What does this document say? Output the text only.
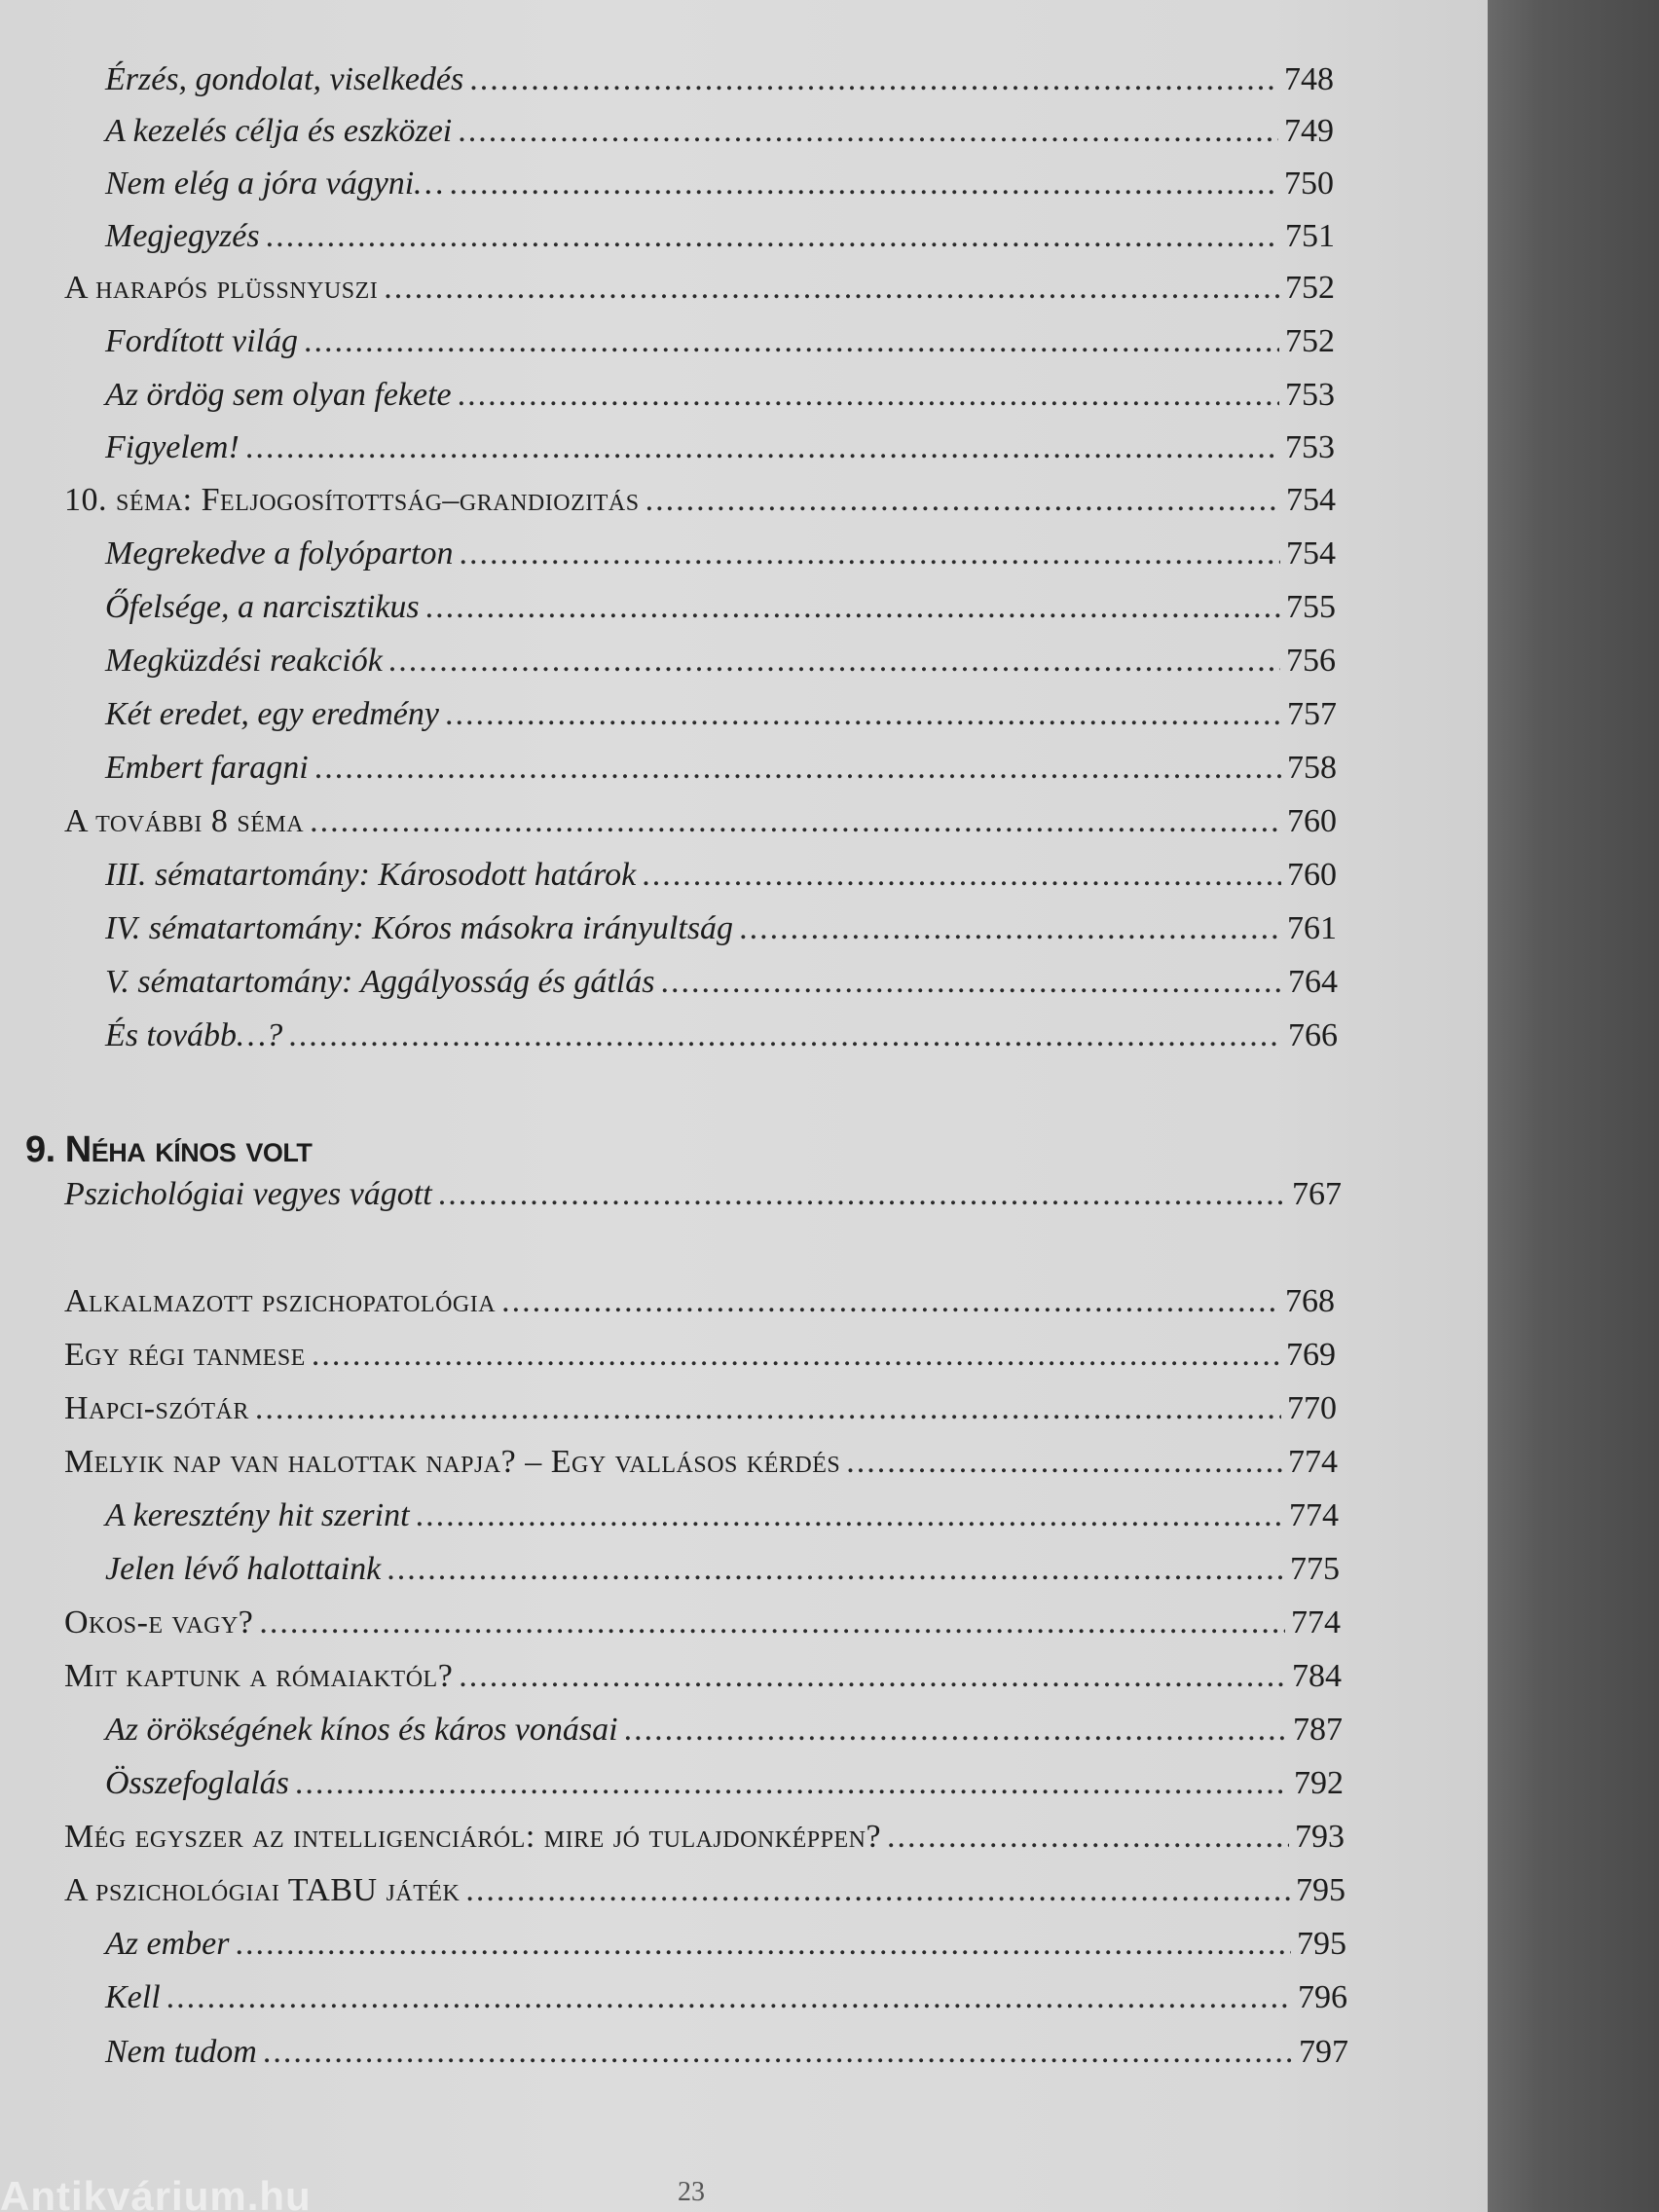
Érzés, gondolat, viselkedés .....	748
A kezelés célja és eszközei .....	749
Nem elég a jóra vágyni… .....	750
Megjegyzés .....	751
A harapós plüssnyuszi .....	752
Fordított világ .....	752
Az ördög sem olyan fekete .....	753
Figyelem! .....	753
10. séma: Feljogosítottság–grandiozitás .....	754
Megrekedve a folyóparton .....	754
Őfelsége, a narcisztikus .....	755
Megküzdési reakciók .....	756
Két eredet, egy eredmény .....	757
Embert faragni .....	758
A további 8 séma .....	760
III. sématartomány: Károsodott határok .....	760
IV. sématartomány: Kóros másokra irányultság .....	761
V. sématartomány: Aggályosság és gátlás .....	764
És tovább…? .....	766
Pszichológiai vegyes vágott .....	767
Alkalmazott pszichopatológia .....	768
Egy régi tanmese .....	769
Hapci-szótár .....	770
Melyik nap van halottak napja? – Egy vallásos kérdés .....	774
A keresztény hit szerint .....	774
Jelen lévő halottaink .....	775
Okos-e vagy? .....	774
Mit kaptunk a rómaiaktól? .....	784
Az örökségének kínos és káros vonásai .....	787
Összefoglalás .....	792
Még egyszer az intelligenciáról: mire jó tulajdonképpen? .....	793
A pszichológiai TABU játék .....	795
Az ember .....	795
Kell .....	796
Nem tudom .....	797
9. Néha kínos volt
23
Antikvárium.hu
